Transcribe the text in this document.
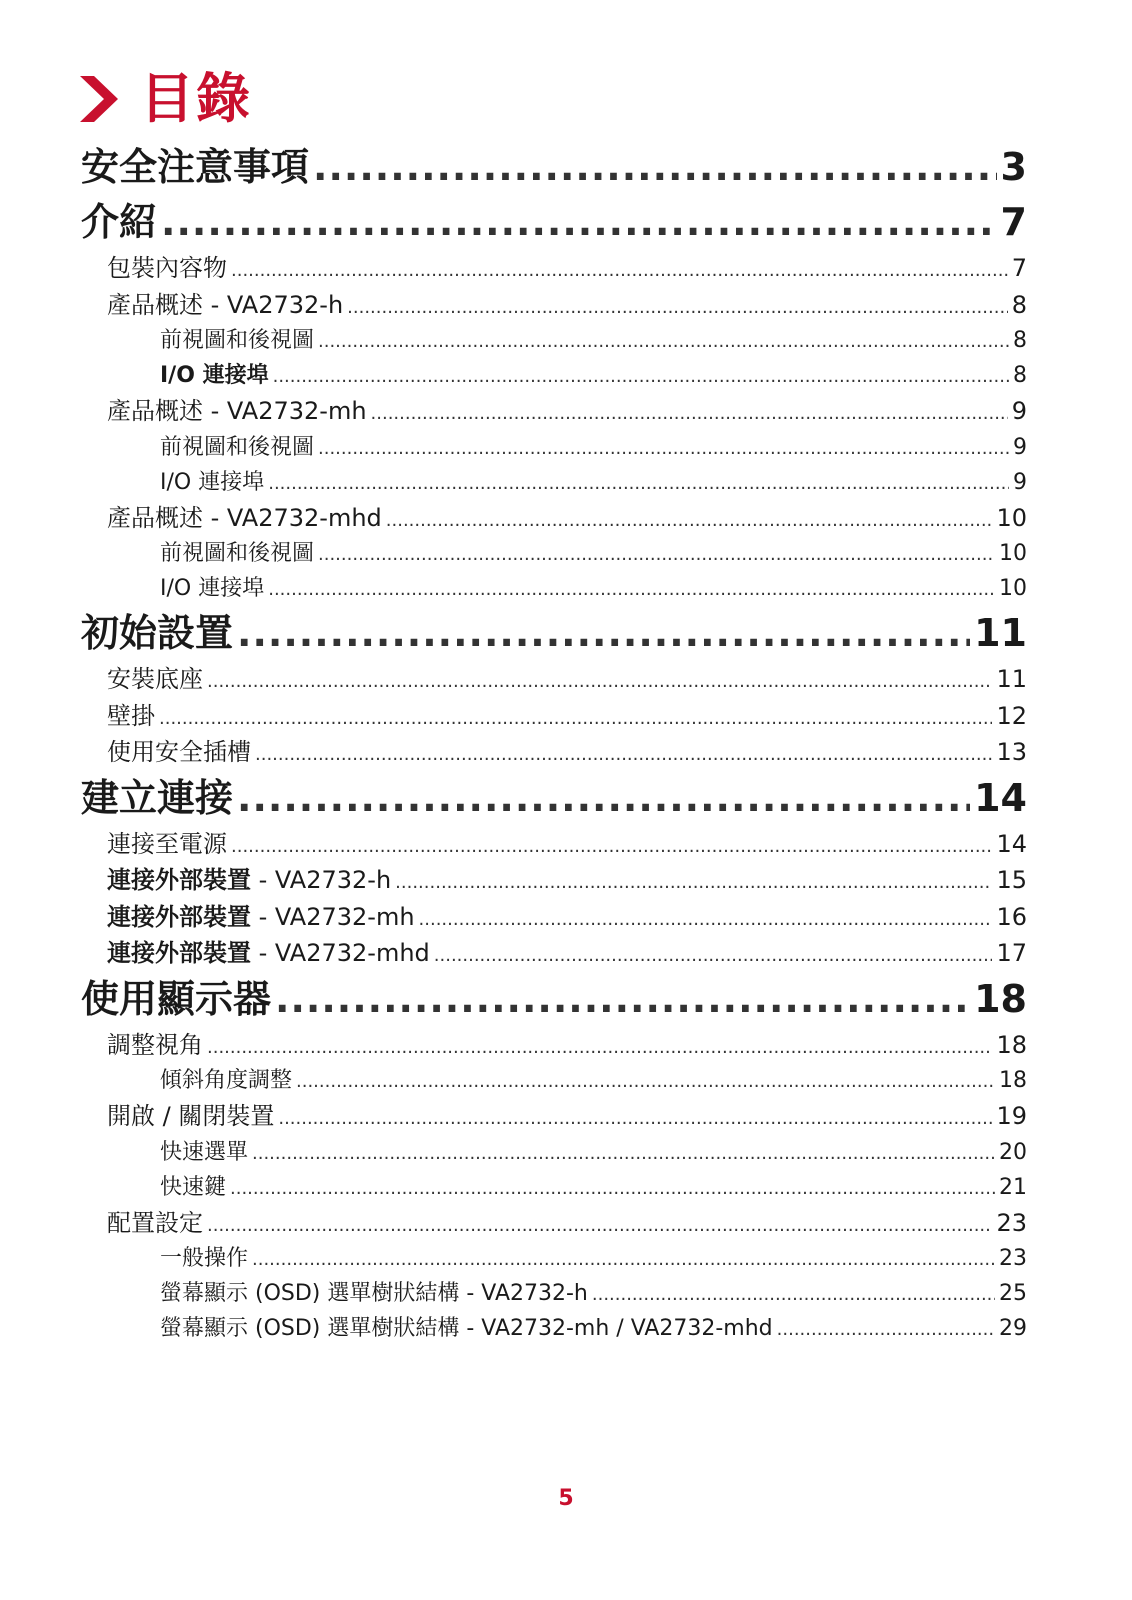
目錄
安全注意事項 .....	3
介紹 .....	7
包裝內容物 .....	7
產品概述 - VA2732-h .....	8
前視圖和後視圖 .....	8
I/O 連接埠 .....	8
產品概述 - VA2732-mh .....	9
前視圖和後視圖 .....	9
I/O 連接埠 .....	9
產品概述 - VA2732-mhd .....	10
前視圖和後視圖 .....	10
I/O 連接埠 .....	10
初始設置 .....	11
安裝底座 .....	11
壁掛 .....	12
使用安全插槽 .....	13
建立連接 .....	14
連接至電源 .....	14
連接外部裝置 - VA2732-h .....	15
連接外部裝置 - VA2732-mh .....	16
連接外部裝置 - VA2732-mhd .....	17
使用顯示器 .....	18
調整視角 .....	18
傾斜角度調整 .....	18
開啟 / 關閉裝置 .....	19
快速選單 .....	20
快速鍵 .....	21
配置設定 .....	23
一般操作 .....	23
螢幕顯示 (OSD) 選單樹狀結構 - VA2732-h .....	25
螢幕顯示 (OSD) 選單樹狀結構 - VA2732-mh / VA2732-mhd .....	29
5
